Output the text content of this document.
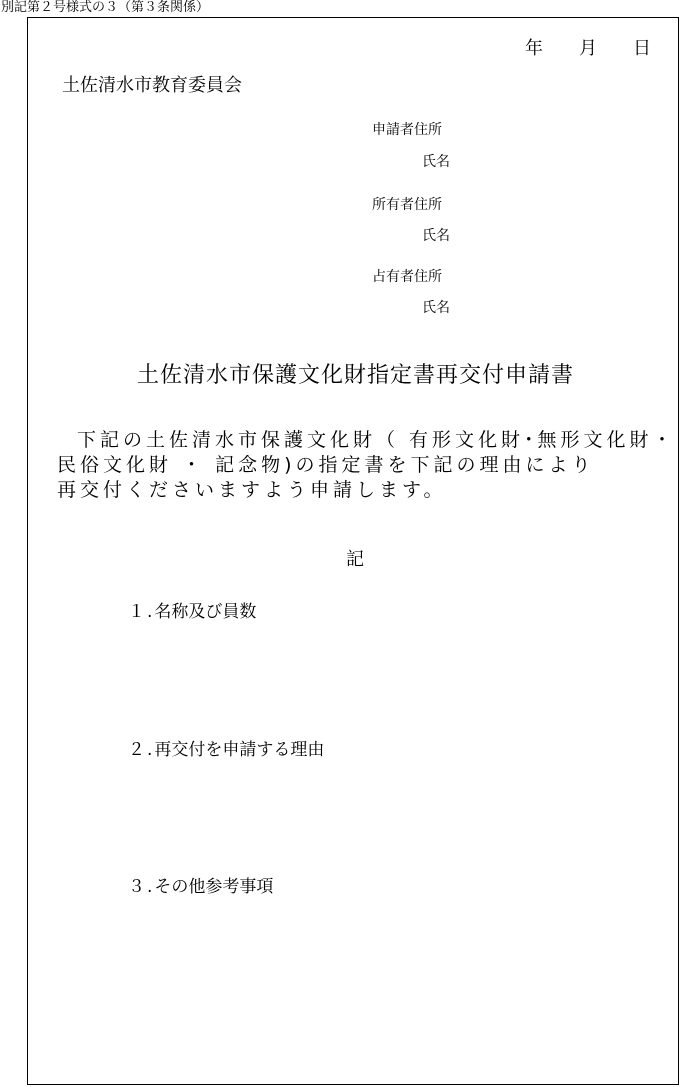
別記第２号様式の３（第３条関係）
年　　月　　日
土佐清水市教育委員会
申請者住所
氏名
所有者住所
氏名
占有者住所
氏名
土佐清水市保護文化財指定書再交付申請書
下記の土佐清水市保護文化財（ 有形文化財･無形文化財・
民俗文化財 ・ 記念物)の指定書を下記の理由により
再交付くださいますよう申請します。
記
１.名称及び員数
２.再交付を申請する理由
３.その他参考事項
